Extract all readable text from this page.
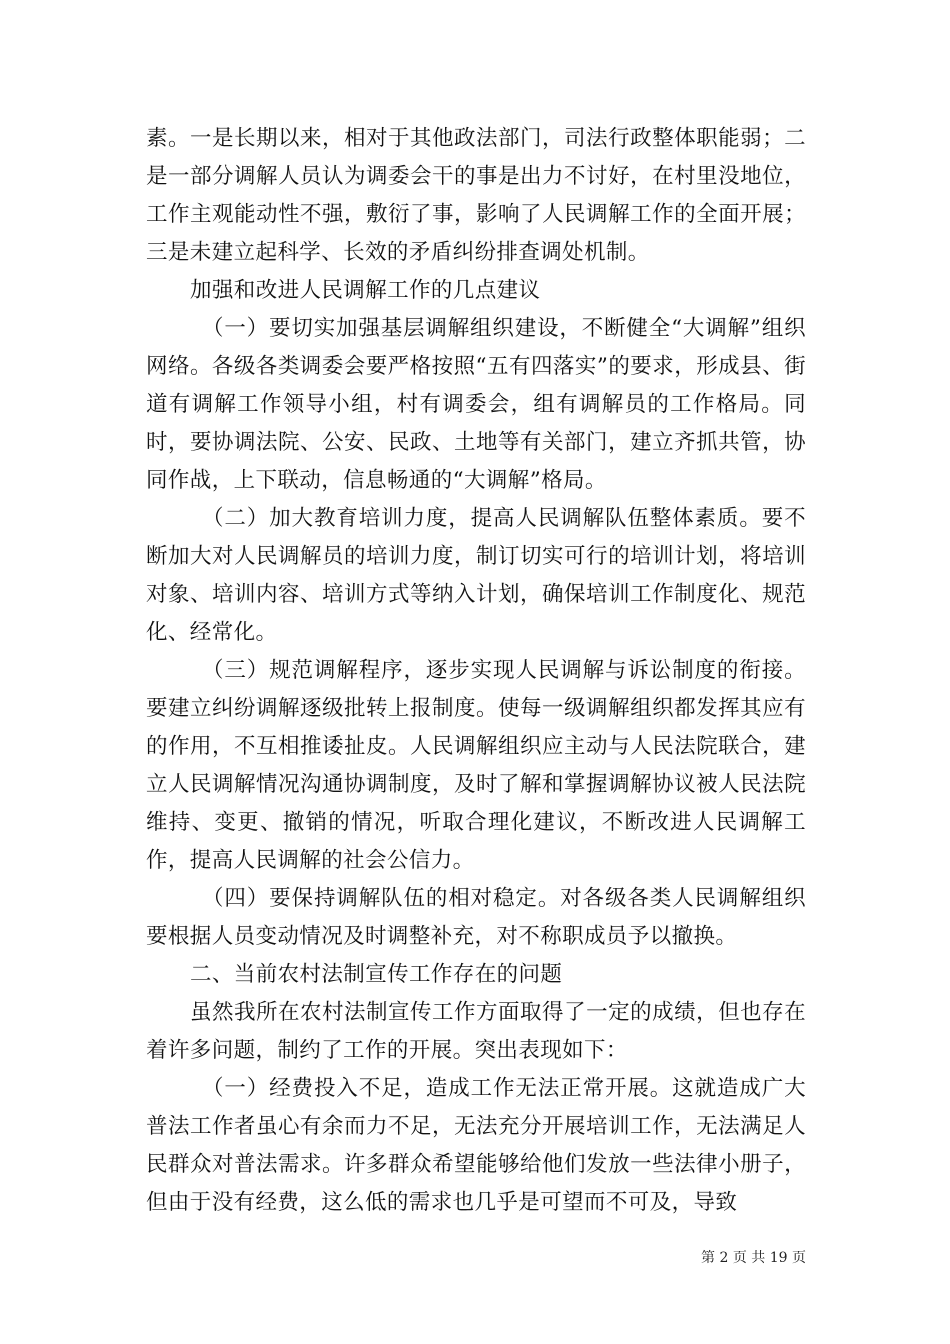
素。一是长期以来，相对于其他政法部门，司法行政整体职能弱；二是一部分调解人员认为调委会干的事是出力不讨好，在村里没地位，工作主观能动性不强，敷衍了事，影响了人民调解工作的全面开展；三是未建立起科学、长效的矛盾纠纷排查调处机制。

加强和改进人民调解工作的几点建议

（一）要切实加强基层调解组织建设，不断健全“大调解”组织网络。各级各类调委会要严格按照“五有四落实”的要求，形成县、街道有调解工作领导小组，村有调委会，组有调解员的工作格局。同时，要协调法院、公安、民政、土地等有关部门，建立齐抓共管，协同作战，上下联动，信息畅通的“大调解”格局。

（二）加大教育培训力度，提高人民调解队伍整体素质。要不断加大对人民调解员的培训力度，制订切实可行的培训计划，将培训对象、培训内容、培训方式等纳入计划，确保培训工作制度化、规范化、经常化。

（三）规范调解程序，逐步实现人民调解与诉讼制度的衔接。要建立纠纷调解逐级批转上报制度。使每一级调解组织都发挥其应有的作用，不互相推诿扯皮。人民调解组织应主动与人民法院联合，建立人民调解情况沟通协调制度，及时了解和掌握调解协议被人民法院维持、变更、撤销的情况，听取合理化建议，不断改进人民调解工作，提高人民调解的社会公信力。

（四）要保持调解队伍的相对稳定。对各级各类人民调解组织要根据人员变动情况及时调整补充，对不称职成员予以撤换。

二、当前农村法制宣传工作存在的问题

虽然我所在农村法制宣传工作方面取得了一定的成绩，但也存在着许多问题，制约了工作的开展。突出表现如下：

（一）经费投入不足，造成工作无法正常开展。这就造成广大普法工作者虽心有余而力不足，无法充分开展培训工作，无法满足人民群众对普法需求。许多群众希望能够给他们发放一些法律小册子，但由于没有经费，这么低的需求也几乎是可望而不可及，导致

第 2 页 共 19 页
